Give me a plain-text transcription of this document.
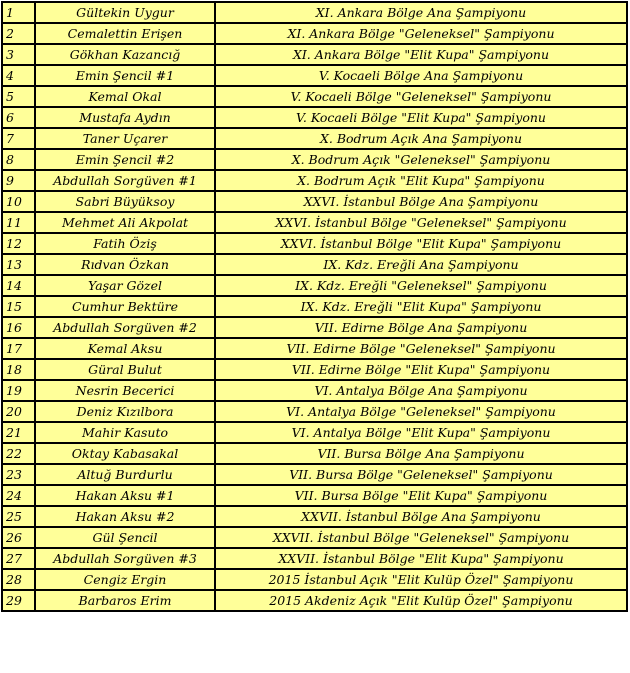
1	Gültekin Uygur	XI. Ankara Bölge Ana Şampiyonu
2	Cemalettin Erişen	XI. Ankara Bölge "Geleneksel" Şampiyonu
3	Gökhan Kazancığ	XI. Ankara Bölge "Elit Kupa" Şampiyonu
4	Emin Şencil #1	V. Kocaeli Bölge Ana Şampiyonu
5	Kemal Okal	V. Kocaeli Bölge "Geleneksel" Şampiyonu
6	Mustafa Aydın	V. Kocaeli Bölge "Elit Kupa" Şampiyonu
7	Taner Uçarer	X. Bodrum Açık Ana Şampiyonu
8	Emin Şencil #2	X. Bodrum Açık "Geleneksel" Şampiyonu
9	Abdullah Sorgüven #1	X. Bodrum Açık "Elit Kupa" Şampiyonu
10	Sabri Büyüksoy	XXVI. İstanbul Bölge Ana Şampiyonu
11	Mehmet Ali Akpolat	XXVI. İstanbul Bölge "Geleneksel" Şampiyonu
12	Fatih Öziş	XXVI. İstanbul Bölge "Elit Kupa" Şampiyonu
13	Rıdvan Özkan	IX. Kdz. Ereğli Ana Şampiyonu
14	Yaşar Gözel	IX. Kdz. Ereğli "Geleneksel" Şampiyonu
15	Cumhur Bektüre	IX. Kdz. Ereğli "Elit Kupa" Şampiyonu
16	Abdullah Sorgüven #2	VII. Edirne Bölge Ana Şampiyonu
17	Kemal Aksu	VII. Edirne Bölge "Geleneksel" Şampiyonu
18	Güral Bulut	VII. Edirne Bölge "Elit Kupa" Şampiyonu
19	Nesrin Becerici	VI. Antalya Bölge Ana Şampiyonu
20	Deniz Kızılbora	VI. Antalya Bölge "Geleneksel" Şampiyonu
21	Mahir Kasuto	VI. Antalya Bölge "Elit Kupa" Şampiyonu
22	Oktay Kabasakal	VII. Bursa Bölge Ana Şampiyonu
23	Altuğ Burdurlu	VII. Bursa Bölge "Geleneksel" Şampiyonu
24	Hakan Aksu #1	VII. Bursa Bölge "Elit Kupa" Şampiyonu
25	Hakan Aksu #2	XXVII. İstanbul Bölge Ana Şampiyonu
26	Gül Şencil	XXVII. İstanbul Bölge "Geleneksel" Şampiyonu
27	Abdullah Sorgüven #3	XXVII. İstanbul Bölge "Elit Kupa" Şampiyonu
28	Cengiz Ergin	2015 İstanbul Açık "Elit Kulüp Özel" Şampiyonu
29	Barbaros Erim	2015 Akdeniz Açık "Elit Kulüp Özel" Şampiyonu
